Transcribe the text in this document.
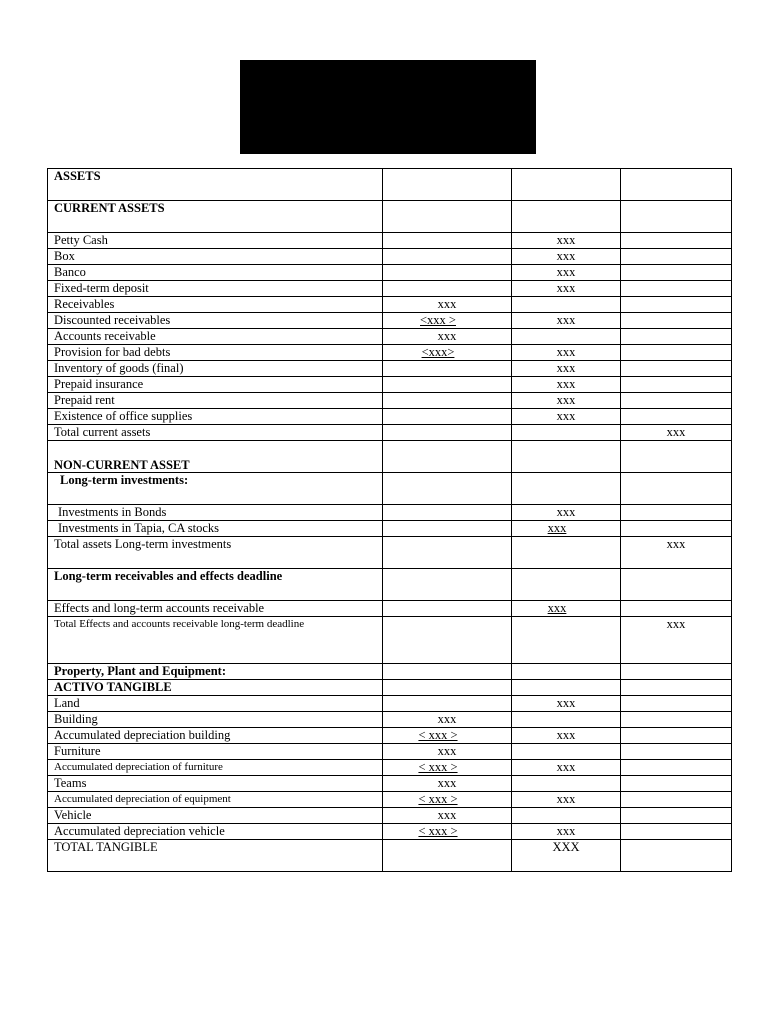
ASSETS			
CURRENT ASSETS			
Petty Cash		xxx	
Box		xxx	
Banco		xxx	
Fixed-term deposit		xxx	
Receivables	xxx		
Discounted receivables	<xxx >	xxx	
Accounts receivable	xxx		
Provision for bad debts	<xxx>	xxx	
Inventory of goods (final)		xxx	
Prepaid insurance		xxx	
Prepaid rent		xxx	
Existence of office supplies		xxx	
Total current assets			xxx
NON-CURRENT ASSET			
Long-term investments:			
Investments in Bonds		xxx	
Investments in Tapia, CA stocks		xxx	
Total assets Long-term investments			xxx
Long-term receivables and effects deadline			
Effects and long-term accounts receivable		xxx	
Total Effects and accounts receivable long-term deadline			xxx
Property, Plant and Equipment:			
ACTIVO TANGIBLE			
Land		xxx	
Building	xxx		
Accumulated depreciation building	< xxx >	xxx	
Furniture	xxx		
Accumulated depreciation of furniture	< xxx >	xxx	
Teams	xxx		
Accumulated depreciation of equipment	< xxx >	xxx	
Vehicle	xxx		
Accumulated depreciation vehicle	< xxx >	xxx	
TOTAL TANGIBLE		XXX	
